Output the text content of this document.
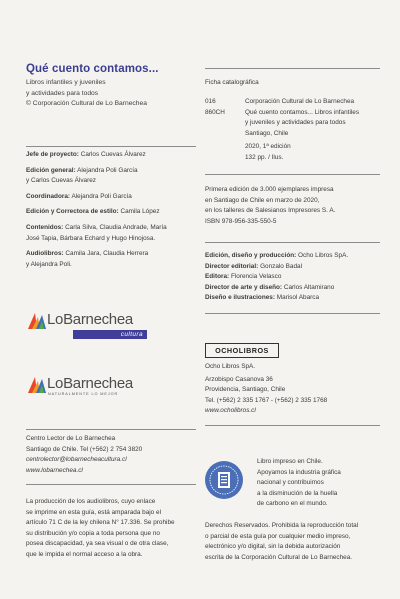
Qué cuento contamos...
Libros infantiles y juveniles
y actividades para todos
© Corporación Cultural de Lo Barnechea
Jefe de proyecto: Carlos Cuevas Álvarez
Edición general: Alejandra Poli García
y Carlos Cuevas Álvarez
Coordinadora: Alejandra Poli García
Edición y Correctora de estilo: Camila López
Contenidos: Carla Silva, Claudia Andrade, María
José Tapia, Bárbara Echard y Hugo Hinojosa.
Audiolibros: Camila Jara, Claudia Herrera
y Alejandra Poli.
LoBarnechea
cultura
LoBarnechea
NATURALMENTE LO MEJOR
Centro Lector de Lo Barnechea
Santiago de Chile. Tel (+562) 2 754 3820
centrolector@lobarnecheacultura.cl
www.lobarnechea.cl
La producción de los audiolibros, cuyo enlace
se imprime en esta guía, está amparada bajo el
artículo 71 C de la ley chilena N° 17.336. Se prohibe
su distribución y/o copia a toda persona que no
posea discapacidad, ya sea visual o de otra clase,
que le impida el normal acceso a la obra.
Ficha catalográfica
016
860CH
Corporación Cultural de Lo Barnechea
Qué cuento contamos... Libros infantiles
y juveniles y actividades para todos
Santiago, Chile
2020, 1ª edición
132 pp. / Ilus.
Primera edición de 3.000 ejemplares impresa
en Santiago de Chile en marzo de 2020,
en los talleres de Salesianos Impresores S. A.
ISBN 978-956-335-550-5
Edición, diseño y producción: Ocho Libros SpA.
Director editorial: Gonzalo Badal
Editora: Florencia Velasco
Director de arte y diseño: Carlos Altamirano
Diseño e ilustraciones: Marisol Abarca
OCHOLIBROS
Ocho Libros SpA.
Arzobispo Casanova 36
Providencia, Santiago, Chile
Tel. (+562) 2 335 1767 - (+562) 2 335 1768
www.ocholibros.cl
Libro impreso en Chile.
Apoyamos la industria gráfica
nacional y contribuimos
a la disminución de la huella
de carbono en el mundo.
Derechos Reservados. Prohibida la reproducción total
o parcial de esta guía por cualquier medio impreso,
electrónico y/o digital, sin la debida autorización
escrita de la Corporación Cultural de Lo Barnechea.
